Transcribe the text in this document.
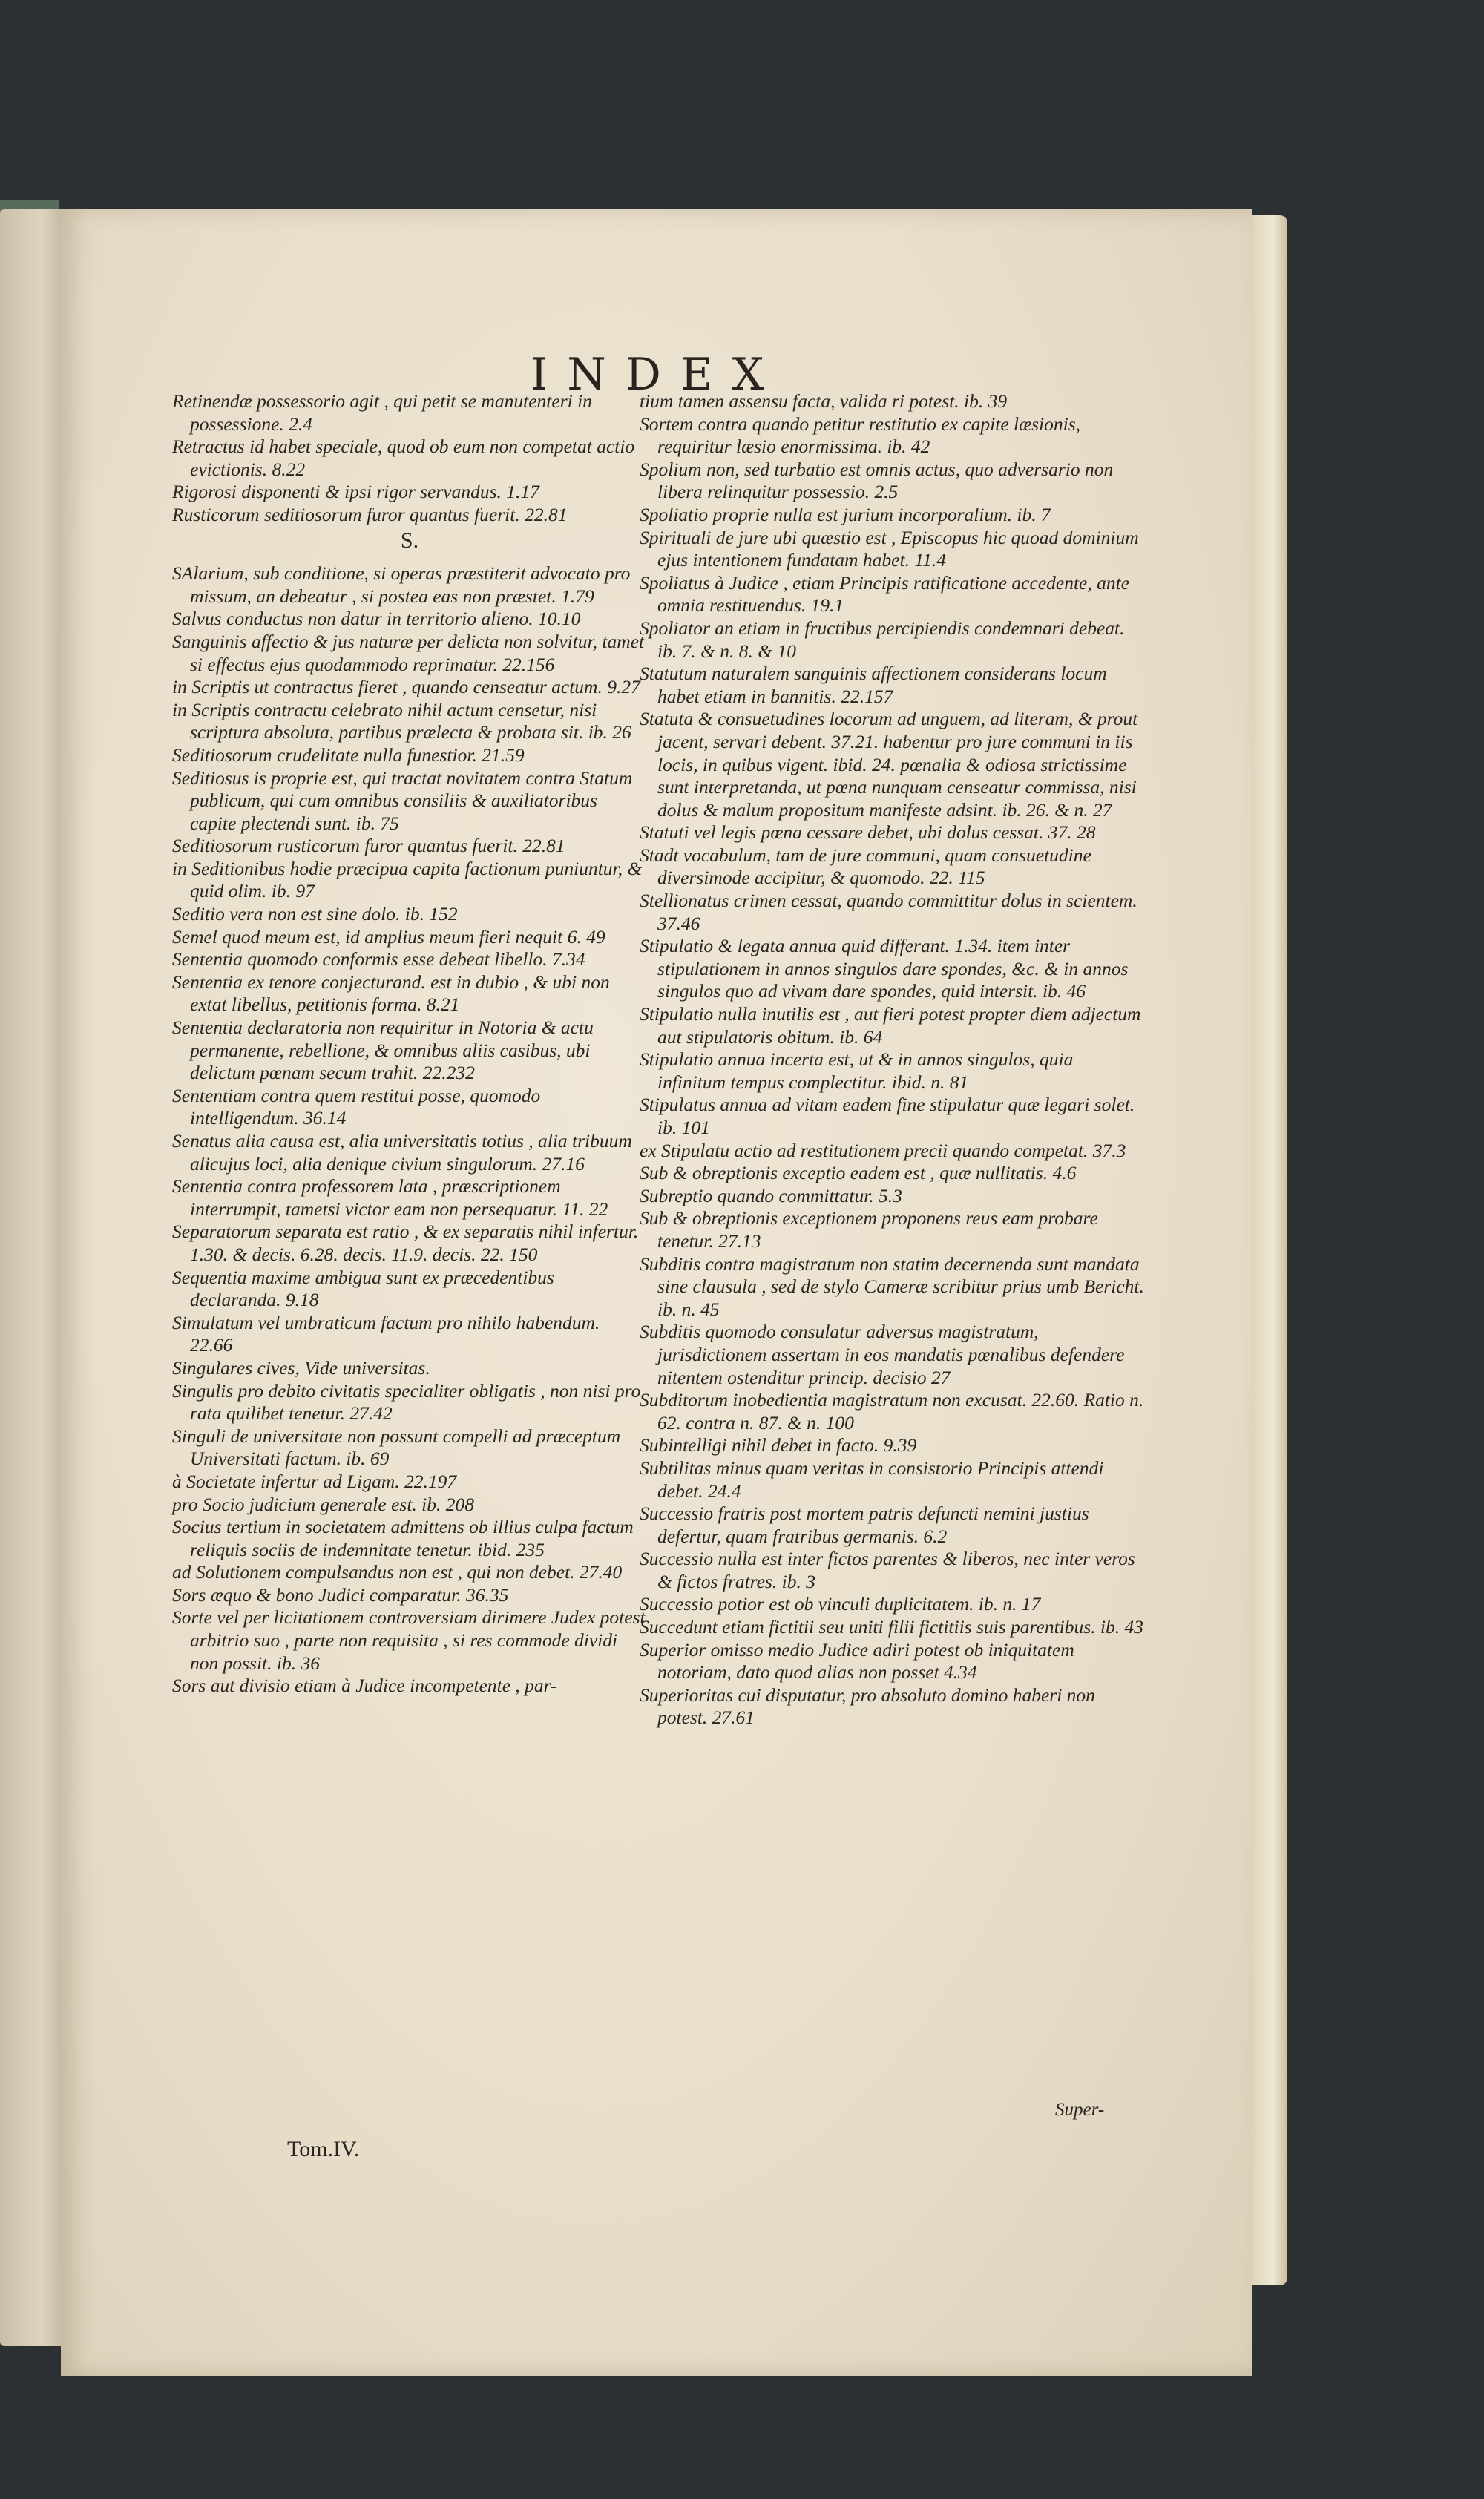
INDEX

Retinendæ possessorio agit , qui petit se manutenteri in possessione. 2.4

Retractus id habet speciale, quod ob eum non competat actio evictionis. 8.22

Rigorosi disponenti & ipsi rigor servandus. 1.17

Rusticorum seditiosorum furor quantus fuerit. 22.81

S.

SAlarium, sub conditione, si operas præstiterit advocato pro missum, an debeatur , si postea eas non præstet. 1.79

Salvus conductus non datur in territorio alieno. 10.10

Sanguinis affectio & jus naturæ per delicta non solvitur, tamet si effectus ejus quodammodo reprimatur. 22.156

in Scriptis ut contractus fieret , quando censeatur actum. 9.27

in Scriptis contractu celebrato nihil actum censetur, nisi scriptura absoluta, partibus prælecta & probata sit. ib. 26

Seditiosorum crudelitate nulla funestior. 21.59

Seditiosus is proprie est, qui tractat novitatem contra Statum publicum, qui cum omnibus consiliis & auxiliatoribus capite plectendi sunt. ib. 75

Seditiosorum rusticorum furor quantus fuerit. 22.81

in Seditionibus hodie præcipua capita factionum puniuntur, & quid olim. ib. 97

Seditio vera non est sine dolo. ib. 152

Semel quod meum est, id amplius meum fieri nequit 6. 49

Sententia quomodo conformis esse debeat libello. 7.34

Sententia ex tenore conjecturand. est in dubio , & ubi non extat libellus, petitionis forma. 8.21

Sententia declaratoria non requiritur in Notoria & actu permanente, rebellione, & omnibus aliis casibus, ubi delictum pœnam secum trahit. 22.232

Sententiam contra quem restitui posse, quomodo intelligendum. 36.14

Senatus alia causa est, alia universitatis totius , alia tribuum alicujus loci, alia denique civium singulorum. 27.16

Sententia contra professorem lata , præscriptionem interrumpit, tametsi victor eam non persequatur. 11. 22

Separatorum separata est ratio , & ex separatis nihil infertur. 1.30. & decis. 6.28. decis. 11.9. decis. 22. 150

Sequentia maxime ambigua sunt ex præcedentibus declaranda. 9.18

Simulatum vel umbraticum factum pro nihilo habendum. 22.66

Singulares cives, Vide universitas.

Singulis pro debito civitatis specialiter obligatis , non nisi pro rata quilibet tenetur. 27.42

Singuli de universitate non possunt compelli ad præceptum Universitati factum. ib. 69

à Societate infertur ad Ligam. 22.197

pro Socio judicium generale est. ib. 208

Socius tertium in societatem admittens ob illius culpa factum reliquis sociis de indemnitate tenetur. ibid. 235

ad Solutionem compulsandus non est , qui non debet. 27.40

Sors æquo & bono Judici comparatur. 36.35

Sorte vel per licitationem controversiam dirimere Judex potest arbitrio suo , parte non requisita , si res commode dividi non possit. ib. 36

Sors aut divisio etiam à Judice incompetente , par-

tium tamen assensu facta, valida ri potest. ib. 39

Sortem contra quando petitur restitutio ex capite læsionis, requiritur læsio enormissima. ib. 42

Spolium non, sed turbatio est omnis actus, quo adversario non libera relinquitur possessio. 2.5

Spoliatio proprie nulla est jurium incorporalium. ib. 7

Spirituali de jure ubi quæstio est , Episcopus hic quoad dominium ejus intentionem fundatam habet. 11.4

Spoliatus à Judice , etiam Principis ratificatione accedente, ante omnia restituendus. 19.1

Spoliator an etiam in fructibus percipiendis condemnari debeat. ib. 7. & n. 8. & 10

Statutum naturalem sanguinis affectionem considerans locum habet etiam in bannitis. 22.157

Statuta & consuetudines locorum ad unguem, ad literam, & prout jacent, servari debent. 37.21. habentur pro jure communi in iis locis, in quibus vigent. ibid. 24. pœnalia & odiosa strictissime sunt interpretanda, ut pœna nunquam censeatur commissa, nisi dolus & malum propositum manifeste adsint. ib. 26. & n. 27

Statuti vel legis pœna cessare debet, ubi dolus cessat. 37. 28

Stadt vocabulum, tam de jure communi, quam consuetudine diversimode accipitur, & quomodo. 22. 115

Stellionatus crimen cessat, quando committitur dolus in scientem. 37.46

Stipulatio & legata annua quid differant. 1.34. item inter stipulationem in annos singulos dare spondes, &c. & in annos singulos quo ad vivam dare spondes, quid intersit. ib. 46

Stipulatio nulla inutilis est , aut fieri potest propter diem adjectum aut stipulatoris obitum. ib. 64

Stipulatio annua incerta est, ut & in annos singulos, quia infinitum tempus complectitur. ibid. n. 81

Stipulatus annua ad vitam eadem fine stipulatur quæ legari solet. ib. 101

ex Stipulatu actio ad restitutionem precii quando competat. 37.3

Sub & obreptionis exceptio eadem est , quæ nullitatis. 4.6

Subreptio quando committatur. 5.3

Sub & obreptionis exceptionem proponens reus eam probare tenetur. 27.13

Subditis contra magistratum non statim decernenda sunt mandata sine clausula , sed de stylo Cameræ scribitur prius umb Bericht. ib. n. 45

Subditis quomodo consulatur adversus magistratum, jurisdictionem assertam in eos mandatis pœnalibus defendere nitentem ostenditur princip. decisio 27

Subditorum inobedientia magistratum non excusat. 22.60. Ratio n. 62. contra n. 87. & n. 100

Subintelligi nihil debet in facto. 9.39

Subtilitas minus quam veritas in consistorio Principis attendi debet. 24.4

Successio fratris post mortem patris defuncti nemini justius defertur, quam fratribus germanis. 6.2

Successio nulla est inter fictos parentes & liberos, nec inter veros & fictos fratres. ib. 3

Successio potior est ob vinculi duplicitatem. ib. n. 17

Succedunt etiam fictitii seu uniti filii fictitiis suis parentibus. ib. 43

Superior omisso medio Judice adiri potest ob iniquitatem notoriam, dato quod alias non posset 4.34

Superioritas cui disputatur, pro absoluto domino haberi non potest. 27.61

Super-
Tom.IV.
